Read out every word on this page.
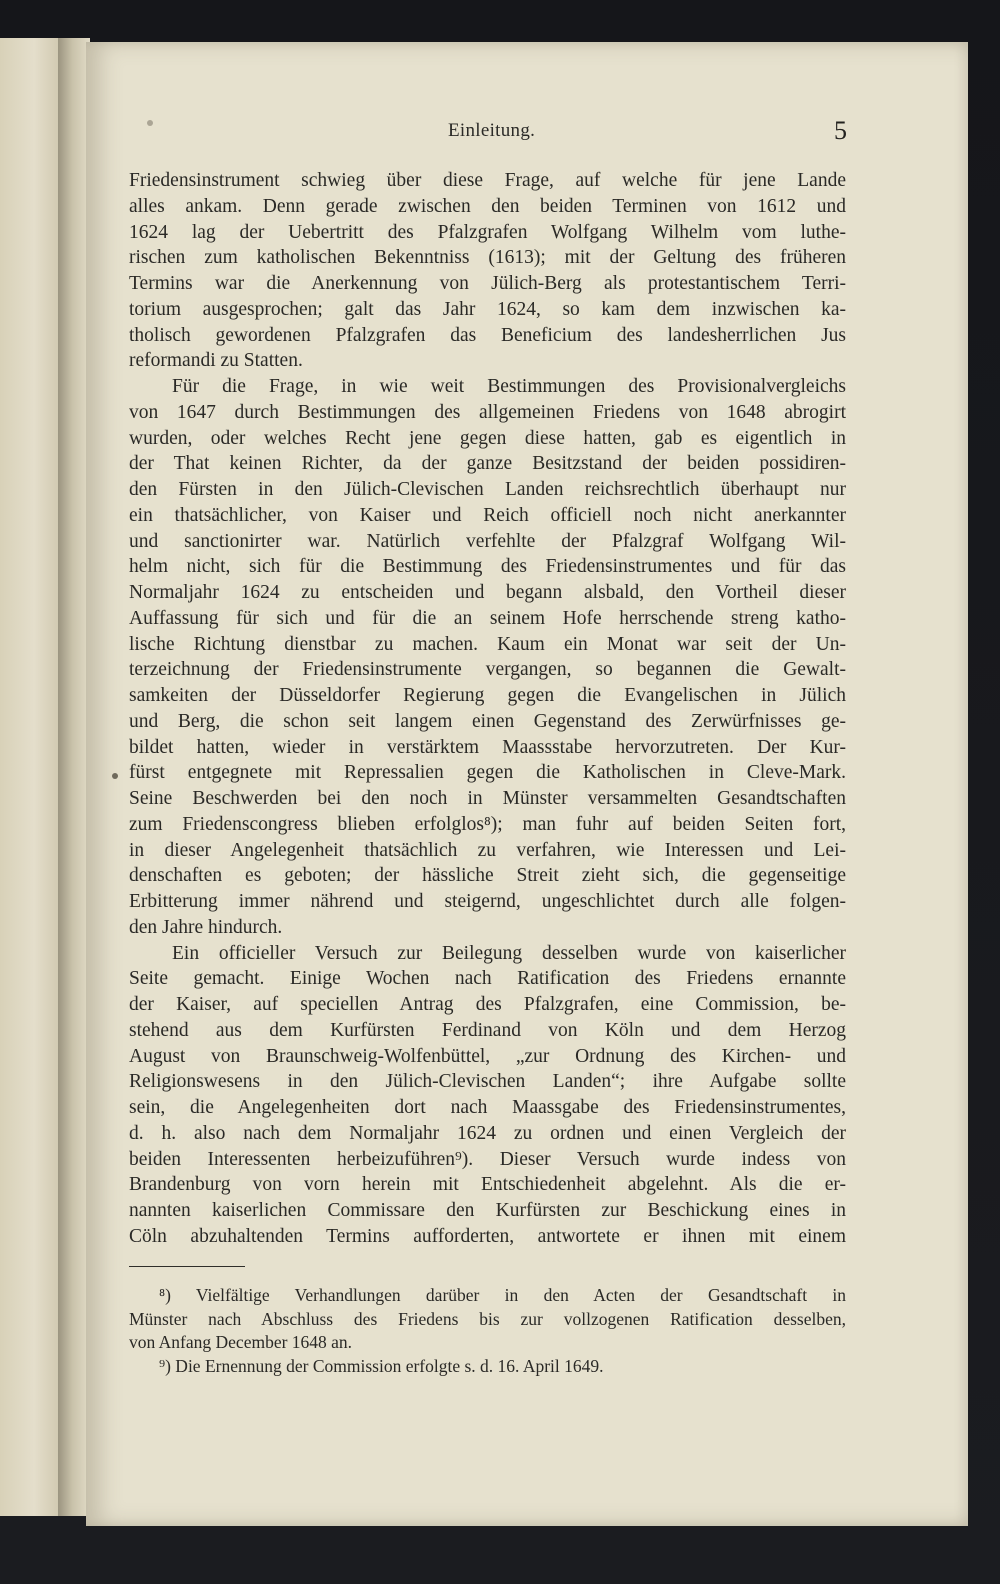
Einleitung.	5
Friedensinstrument schwieg über diese Frage, auf welche für jene Lande
alles ankam. Denn gerade zwischen den beiden Terminen von 1612 und
1624 lag der Uebertritt des Pfalzgrafen Wolfgang Wilhelm vom luthe-
rischen zum katholischen Bekenntniss (1613); mit der Geltung des früheren
Termins war die Anerkennung von Jülich-Berg als protestantischem Terri-
torium ausgesprochen; galt das Jahr 1624, so kam dem inzwischen ka-
tholisch gewordenen Pfalzgrafen das Beneficium des landesherrlichen Jus
reformandi zu Statten.
Für die Frage, in wie weit Bestimmungen des Provisionalvergleichs
von 1647 durch Bestimmungen des allgemeinen Friedens von 1648 abrogirt
wurden, oder welches Recht jene gegen diese hatten, gab es eigentlich in
der That keinen Richter, da der ganze Besitzstand der beiden possidiren-
den Fürsten in den Jülich-Clevischen Landen reichsrechtlich überhaupt nur
ein thatsächlicher, von Kaiser und Reich officiell noch nicht anerkannter
und sanctionirter war. Natürlich verfehlte der Pfalzgraf Wolfgang Wil-
helm nicht, sich für die Bestimmung des Friedensinstrumentes und für das
Normaljahr 1624 zu entscheiden und begann alsbald, den Vortheil dieser
Auffassung für sich und für die an seinem Hofe herrschende streng katho-
lische Richtung dienstbar zu machen. Kaum ein Monat war seit der Un-
terzeichnung der Friedensinstrumente vergangen, so begannen die Gewalt-
samkeiten der Düsseldorfer Regierung gegen die Evangelischen in Jülich
und Berg, die schon seit langem einen Gegenstand des Zerwürfnisses ge-
bildet hatten, wieder in verstärktem Maassstabe hervorzutreten. Der Kur-
fürst entgegnete mit Repressalien gegen die Katholischen in Cleve-Mark.
Seine Beschwerden bei den noch in Münster versammelten Gesandtschaften
zum Friedenscongress blieben erfolglos⁸); man fuhr auf beiden Seiten fort,
in dieser Angelegenheit thatsächlich zu verfahren, wie Interessen und Lei-
denschaften es geboten; der hässliche Streit zieht sich, die gegenseitige
Erbitterung immer nährend und steigernd, ungeschlichtet durch alle folgen-
den Jahre hindurch.
Ein officieller Versuch zur Beilegung desselben wurde von kaiserlicher
Seite gemacht. Einige Wochen nach Ratification des Friedens ernannte
der Kaiser, auf speciellen Antrag des Pfalzgrafen, eine Commission, be-
stehend aus dem Kurfürsten Ferdinand von Köln und dem Herzog
August von Braunschweig-Wolfenbüttel, „zur Ordnung des Kirchen- und
Religionswesens in den Jülich-Clevischen Landen“; ihre Aufgabe sollte
sein, die Angelegenheiten dort nach Maassgabe des Friedensinstrumentes,
d. h. also nach dem Normaljahr 1624 zu ordnen und einen Vergleich der
beiden Interessenten herbeizuführen⁹). Dieser Versuch wurde indess von
Brandenburg von vorn herein mit Entschiedenheit abgelehnt. Als die er-
nannten kaiserlichen Commissare den Kurfürsten zur Beschickung eines in
Cöln abzuhaltenden Termins aufforderten, antwortete er ihnen mit einem
⁸) Vielfältige Verhandlungen darüber in den Acten der Gesandtschaft in
Münster nach Abschluss des Friedens bis zur vollzogenen Ratification desselben,
von Anfang December 1648 an.
⁹) Die Ernennung der Commission erfolgte s. d. 16. April 1649.
